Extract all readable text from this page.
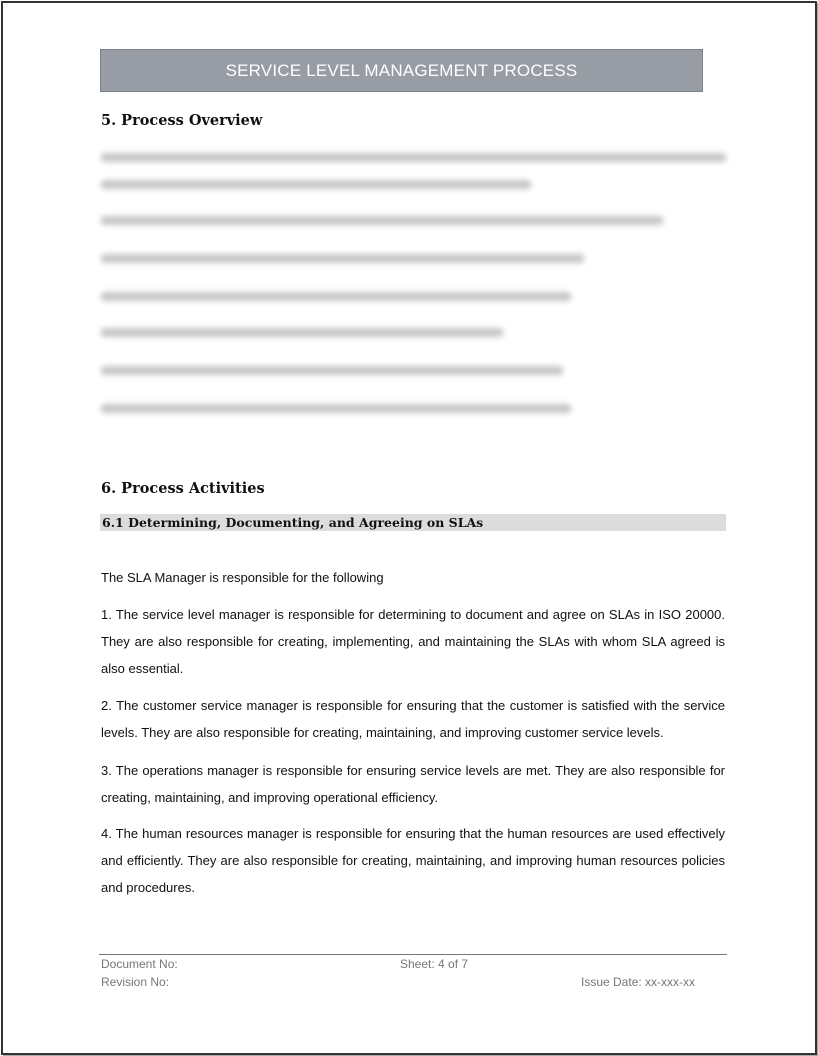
SERVICE LEVEL MANAGEMENT PROCESS
5. Process Overview
6. Process Activities
6.1 Determining, Documenting, and Agreeing on SLAs
The SLA Manager is responsible for the following
1. The service level manager is responsible for determining to document and agree on SLAs in ISO 20000. They are also responsible for creating, implementing, and maintaining the SLAs with whom SLA agreed is also essential.
2. The customer service manager is responsible for ensuring that the customer is satisfied with the service levels. They are also responsible for creating, maintaining, and improving customer service levels.
3. The operations manager is responsible for ensuring service levels are met. They are also responsible for creating, maintaining, and improving operational efficiency.
4. The human resources manager is responsible for ensuring that the human resources are used effectively and efficiently. They are also responsible for creating, maintaining, and improving human resources policies and procedures.
Document No:
Revision No:
Sheet: 4 of 7
Issue Date: xx-xxx-xx
